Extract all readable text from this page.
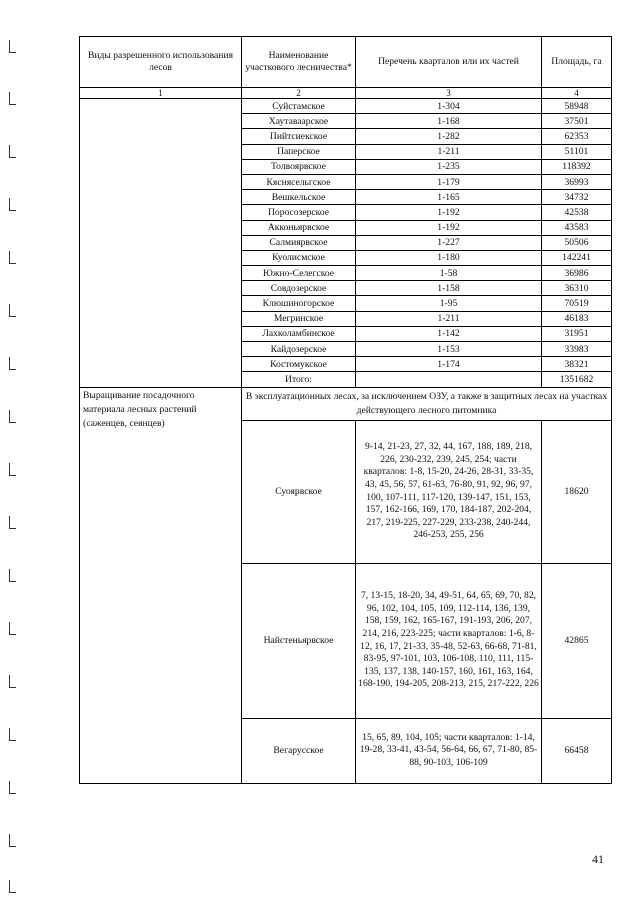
Виды разрешенного использования лесов	Наименование участкового лесничества*	Перечень кварталов или их частей	Площадь, га
1	2	3	4
	Суйстамское	1-304	58948
	Хаутаваарское	1-168	37501
	Пийтсиекское	1-282	62353
	Паперское	1-211	51101
	Толвоярвское	1-235	118392
	Кяснясельгское	1-179	36993
	Вешкельское	1-165	34732
	Поросозерское	1-192	42538
	Акконьярвское	1-192	43583
	Салмиярвское	1-227	50506
	Куолисмское	1-180	142241
	Южно-Селегское	1-58	36986
	Совдозерское	1-158	36310
	Клюшиногорское	1-95	70519
	Мегринское	1-211	46183
	Лахколамбинское	1-142	31951
	Кайдозерское	1-153	33983
	Костомукское	1-174	38321
	Итого:		1351682
Выращивание посадочного материала лесных растений (саженцев, сеянцев)	В эксплуатационных лесах, за исключением ОЗУ, а также в защитных лесах на участках действующего лесного питомника		
	Суоярвское	9-14, 21-23, 27, 32, 44, 167, 188, 189, 218, 226, 230-232, 239, 245, 254; части кварталов: 1-8, 15-20, 24-26, 28-31, 33-35, 43, 45, 56, 57, 61-63, 76-80, 91, 92, 96, 97, 100, 107-111, 117-120, 139-147, 151, 153, 157, 162-166, 169, 170, 184-187, 202-204, 217, 219-225, 227-229, 233-238, 240-244, 246-253, 255, 256	18620
	Найстеньярвское	7, 13-15, 18-20, 34, 49-51, 64, 65, 69, 70, 82, 96, 102, 104, 105, 109, 112-114, 136, 139, 158, 159, 162, 165-167, 191-193, 206, 207, 214, 216, 223-225; части кварталов: 1-6, 8-12, 16, 17, 21-33, 35-48, 52-63, 66-68, 71-81, 83-95, 97-101, 103, 106-108, 110, 111, 115-135, 137, 138, 140-157, 160, 161, 163, 164, 168-190, 194-205, 208-213, 215, 217-222, 226	42865
	Вегарусское	15, 65, 89, 104, 105; части кварталов: 1-14, 19-28, 33-41, 43-54, 56-64, 66, 67, 71-80, 85-88, 90-103, 106-109	66458
41
